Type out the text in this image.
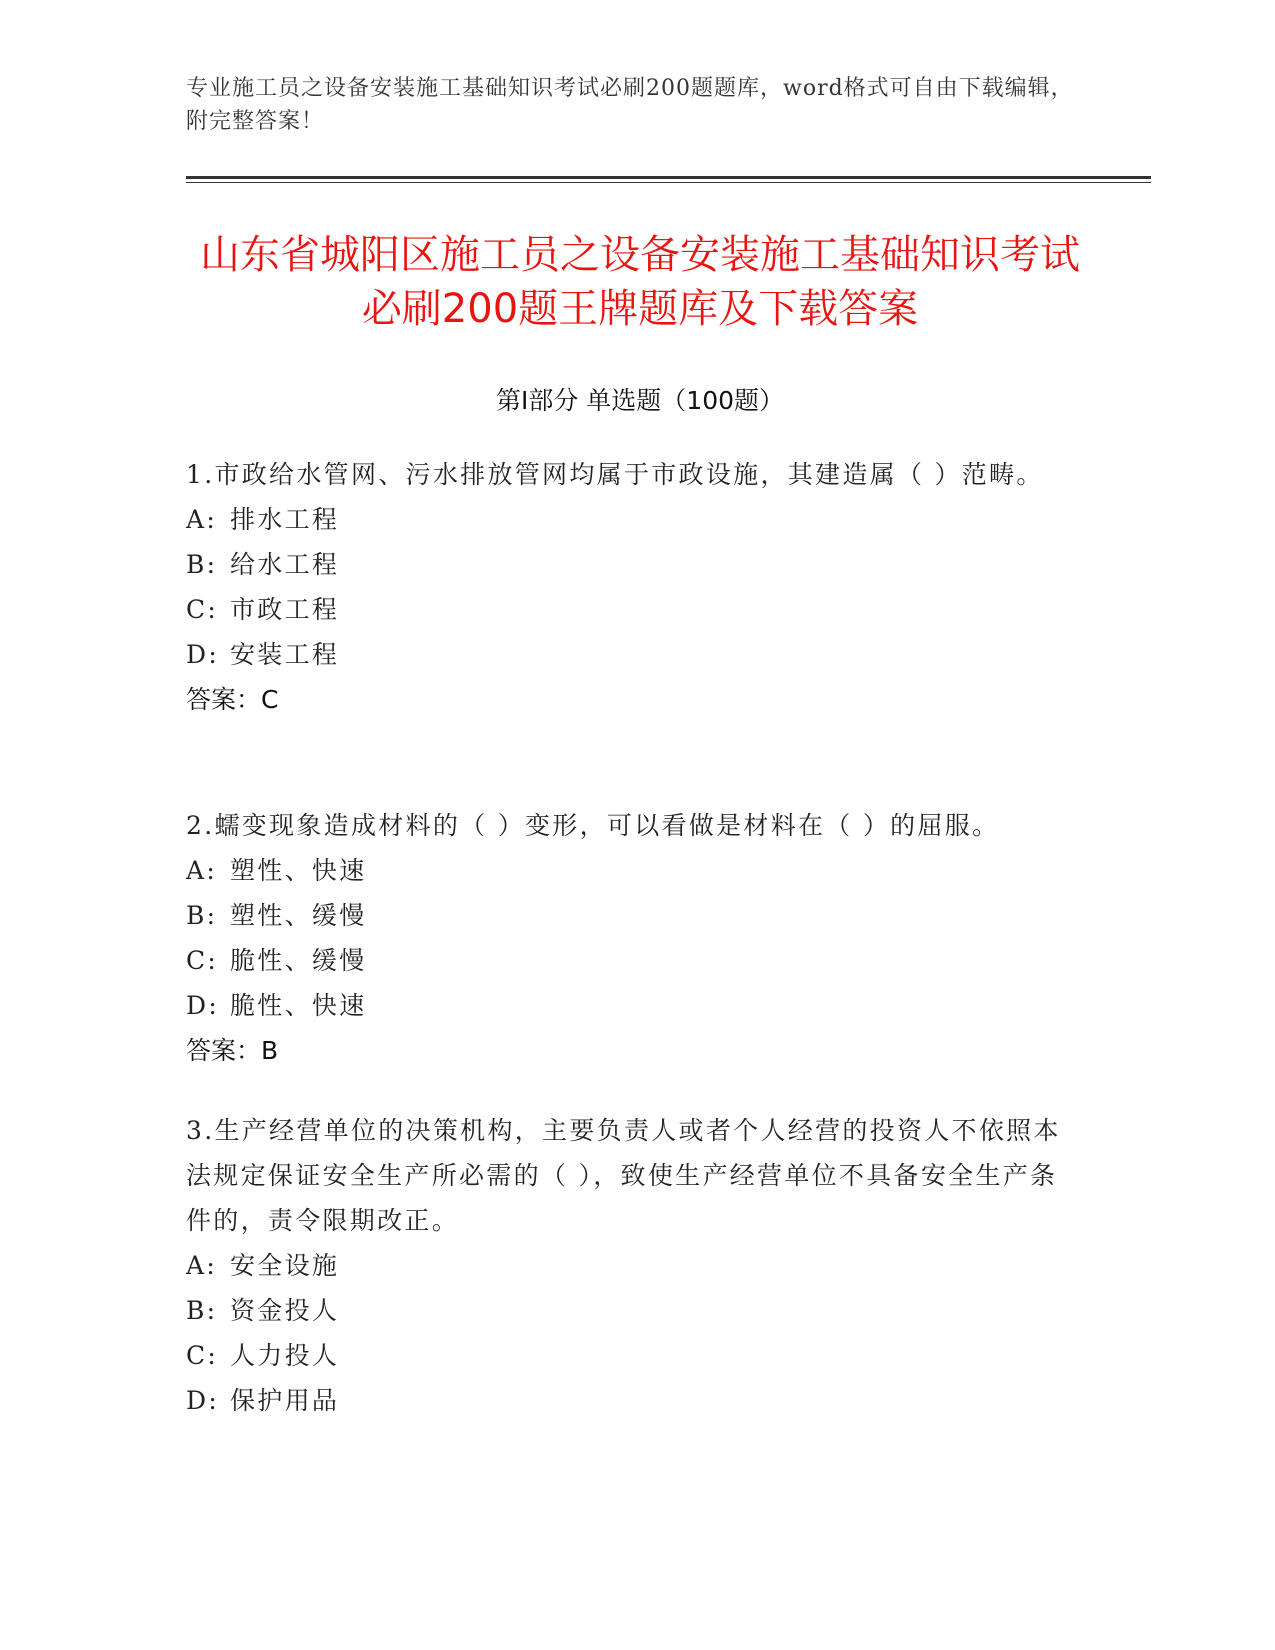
专业施工员之设备安装施工基础知识考试必刷200题题库，word格式可自由下载编辑，附完整答案！
山东省城阳区施工员之设备安装施工基础知识考试必刷200题王牌题库及下载答案
第I部分 单选题（100题）
1.市政给水管网、污水排放管网均属于市政设施，其建造属（ ）范畴。
A: 排水工程
B: 给水工程
C: 市政工程
D: 安装工程
答案：C
2.蠕变现象造成材料的（ ）变形，可以看做是材料在（ ）的屈服。
A: 塑性、快速
B: 塑性、缓慢
C: 脆性、缓慢
D: 脆性、快速
答案：B
3.生产经营单位的决策机构，主要负责人或者个人经营的投资人不依照本法规定保证安全生产所必需的（ ），致使生产经营单位不具备安全生产条件的，责令限期改正。
A: 安全设施
B: 资金投人
C: 人力投人
D: 保护用品
